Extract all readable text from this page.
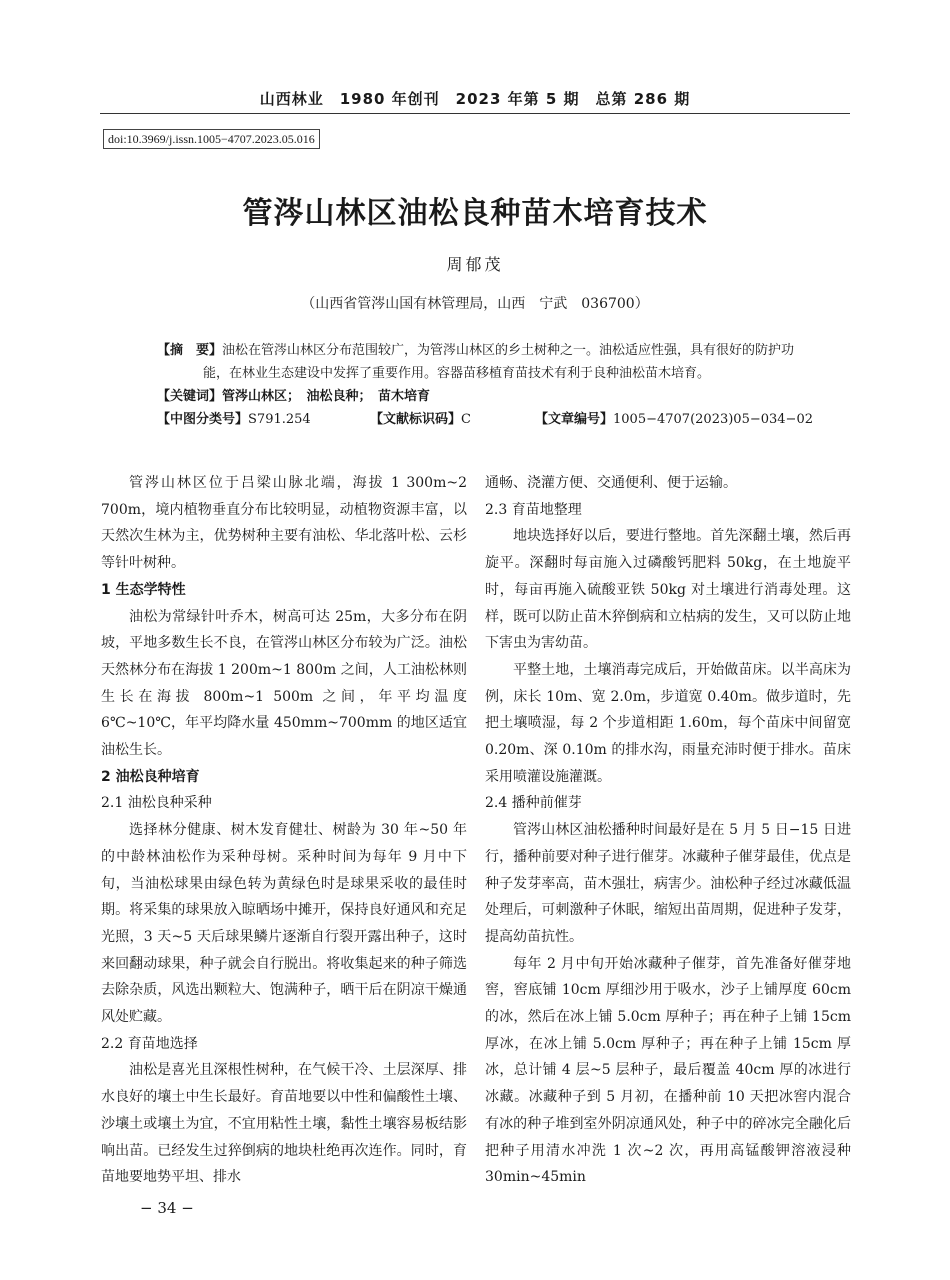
山西林业　1980 年创刊　2023 年第 5 期　总第 286 期
doi:10.3969/j.issn.1005−4707.2023.05.016
管涔山林区油松良种苗木培育技术
周郁茂
（山西省管涔山国有林管理局，山西　宁武　036700）
【摘　要】油松在管涔山林区分布范围较广，为管涔山林区的乡土树种之一。油松适应性强，具有很好的防护功能，在林业生态建设中发挥了重要作用。容器苗移植育苗技术有利于良种油松苗木培育。
【关键词】管涔山林区；　油松良种；　苗木培育
【中图分类号】S791.254	【文献标识码】C	【文章编号】1005−4707(2023)05−034−02

管涔山林区位于吕梁山脉北端，海拔 1 300m~2 700m，境内植物垂直分布比较明显，动植物资源丰富，以天然次生林为主，优势树种主要有油松、华北落叶松、云杉等针叶树种。

1 生态学特性

油松为常绿针叶乔木，树高可达 25m，大多分布在阴坡，平地多数生长不良，在管涔山林区分布较为广泛。油松天然林分布在海拔 1 200m~1 800m 之间，人工油松林则生长在海拔 800m~1 500m 之间，年平均温度 6℃~10℃，年平均降水量 450mm~700mm 的地区适宜油松生长。

2 油松良种培育

2.1 油松良种采种

选择林分健康、树木发育健壮、树龄为 30 年~50 年的中龄林油松作为采种母树。采种时间为每年 9 月中下旬，当油松球果由绿色转为黄绿色时是球果采收的最佳时期。将采集的球果放入晾晒场中摊开，保持良好通风和充足光照，3 天~5 天后球果鳞片逐渐自行裂开露出种子，这时来回翻动球果，种子就会自行脱出。将收集起来的种子筛选去除杂质，风选出颗粒大、饱满种子，晒干后在阴凉干燥通风处贮藏。

2.2 育苗地选择

油松是喜光且深根性树种，在气候干冷、土层深厚、排水良好的壤土中生长最好。育苗地要以中性和偏酸性土壤、沙壤土或壤土为宜，不宜用粘性土壤，黏性土壤容易板结影响出苗。已经发生过猝倒病的地块杜绝再次连作。同时，育苗地要地势平坦、排水

通畅、浇灌方便、交通便利、便于运输。

2.3 育苗地整理

地块选择好以后，要进行整地。首先深翻土壤，然后再旋平。深翻时每亩施入过磷酸钙肥料 50kg，在土地旋平时，每亩再施入硫酸亚铁 50kg 对土壤进行消毒处理。这样，既可以防止苗木猝倒病和立枯病的发生，又可以防止地下害虫为害幼苗。

平整土地，土壤消毒完成后，开始做苗床。以半高床为例，床长 10m、宽 2.0m，步道宽 0.40m。做步道时，先把土壤喷湿，每 2 个步道相距 1.60m，每个苗床中间留宽 0.20m、深 0.10m 的排水沟，雨量充沛时便于排水。苗床采用喷灌设施灌溉。

2.4 播种前催芽

管涔山林区油松播种时间最好是在 5 月 5 日−15 日进行，播种前要对种子进行催芽。冰藏种子催芽最佳，优点是种子发芽率高，苗木强壮，病害少。油松种子经过冰藏低温处理后，可刺激种子休眠，缩短出苗周期，促进种子发芽，提高幼苗抗性。

每年 2 月中旬开始冰藏种子催芽，首先准备好催芽地窖，窖底铺 10cm 厚细沙用于吸水，沙子上铺厚度 60cm 的冰，然后在冰上铺 5.0cm 厚种子；再在种子上铺 15cm 厚冰，在冰上铺 5.0cm 厚种子；再在种子上铺 15cm 厚冰，总计铺 4 层~5 层种子，最后覆盖 40cm 厚的冰进行冰藏。冰藏种子到 5 月初，在播种前 10 天把冰窖内混合有冰的种子堆到室外阴凉通风处，种子中的碎冰完全融化后把种子用清水冲洗 1 次~2 次，再用高锰酸钾溶液浸种 30min~45min

− 34 −
